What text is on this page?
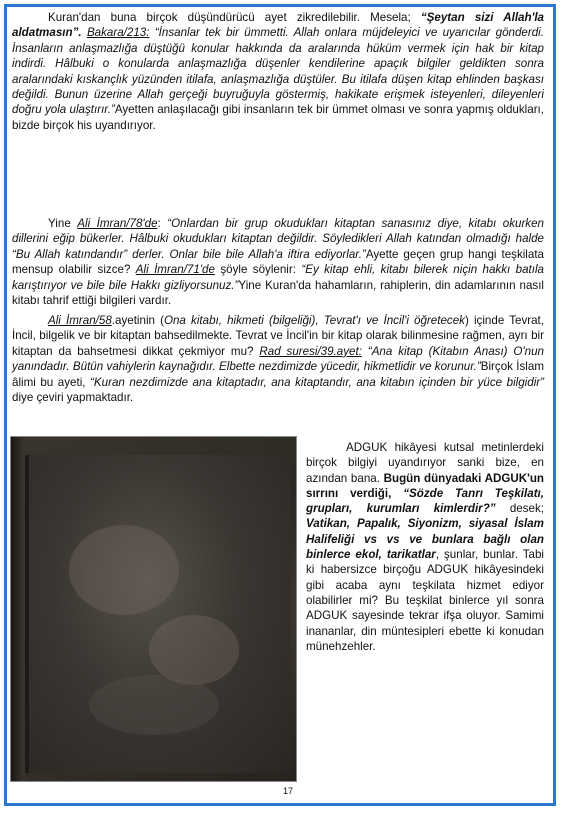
Kuran'dan buna birçok düşündürücü ayet zikredilebilir. Mesela; “Şeytan sizi Allah'la aldatmasın”. Bakara/213: “İnsanlar tek bir ümmetti. Allah onlara müjdeleyici ve uyarıcılar gönderdi. İnsanların anlaşmazlığa düştüğü konular hakkında da aralarında hüküm vermek için hak bir kitap indirdi. Hâlbuki o konularda anlaşmazlığa düşenler kendilerine apaçık bilgiler geldikten sonra aralarındaki kıskançlık yüzünden itilafa, anlaşmazlığa düştüler. Bu itilafa düşen kitap ehlinden başkası değildi. Bunun üzerine Allah gerçeği buyruğuyla göstermiş, hakikate erişmek isteyenleri, dileyenleri doğru yola ulaştırır.”Ayetten anlaşılacağı gibi insanların tek bir ümmet olması ve sonra yapmış oldukları, bizde birçok his uyandırıyor.
Yine Ali İmran/78'de: “Onlardan bir grup okudukları kitaptan sanasınız diye, kitabı okurken dillerini eğip bükerler. Hâlbuki okudukları kitaptan değildir. Söyledikleri Allah katından olmadığı halde “Bu Allah katındandır” derler. Onlar bile bile Allah'a iftira ediyorlar.”Ayette geçen grup hangi teşkilata mensup olabilir sizce? Ali İmran/71'de şöyle söylenir: “Ey kitap ehli, kitabı bilerek niçin hakkı batıla karıştırıyor ve bile bile Hakkı gizliyorsunuz.”Yine Kuran'da hahamların, rahiplerin, din adamlarının nasıl kitabı tahrif ettiği bilgileri vardır.
Ali İmran/58.ayetinin (Ona kitabı, hikmeti (bilgeliği), Tevrat'ı ve İncil'i öğretecek) içinde Tevrat, İncil, bilgelik ve bir kitaptan bahsedilmekte. Tevrat ve İncil'in bir kitap olarak bilinmesine rağmen, ayrı bir kitaptan da bahsetmesi dikkat çekmiyor mu? Rad suresi/39.ayet: “Ana kitap (Kitabın Anası) O'nun yanındadır. Bütün vahiylerin kaynağıdır. Elbette nezdimizde yücedir, hikmetlidir ve korunur.”Birçok İslam âlimi bu ayeti, “Kuran nezdimizde ana kitaptadır, ana kitaptandır, ana kitabın içinden bir yüce bilgidir” diye çeviri yapmaktadır.
ADGUK hikâyesi kutsal metinlerdeki birçok bilgiyi uyandırıyor sanki bize, en azından bana. Bugün dünyadaki ADGUK'un sırrını verdiği, “Sözde Tanrı Teşkilatı, grupları, kurumları kimlerdir?” desek; Vatikan, Papalık, Siyonizm, siyasal İslam Halifeliği vs vs ve bunlara bağlı olan binlerce ekol, tarikatlar, şunlar, bunlar. Tabi ki habersizce birçoğu ADGUK hikâyesindeki gibi acaba aynı teşkilata hizmet ediyor olabilirler mi? Bu teşkilat binlerce yıl sonra ADGUK sayesinde tekrar ifşa oluyor. Samimi inananlar, din müntesipleri ebette ki konudan münehzehler.
17
